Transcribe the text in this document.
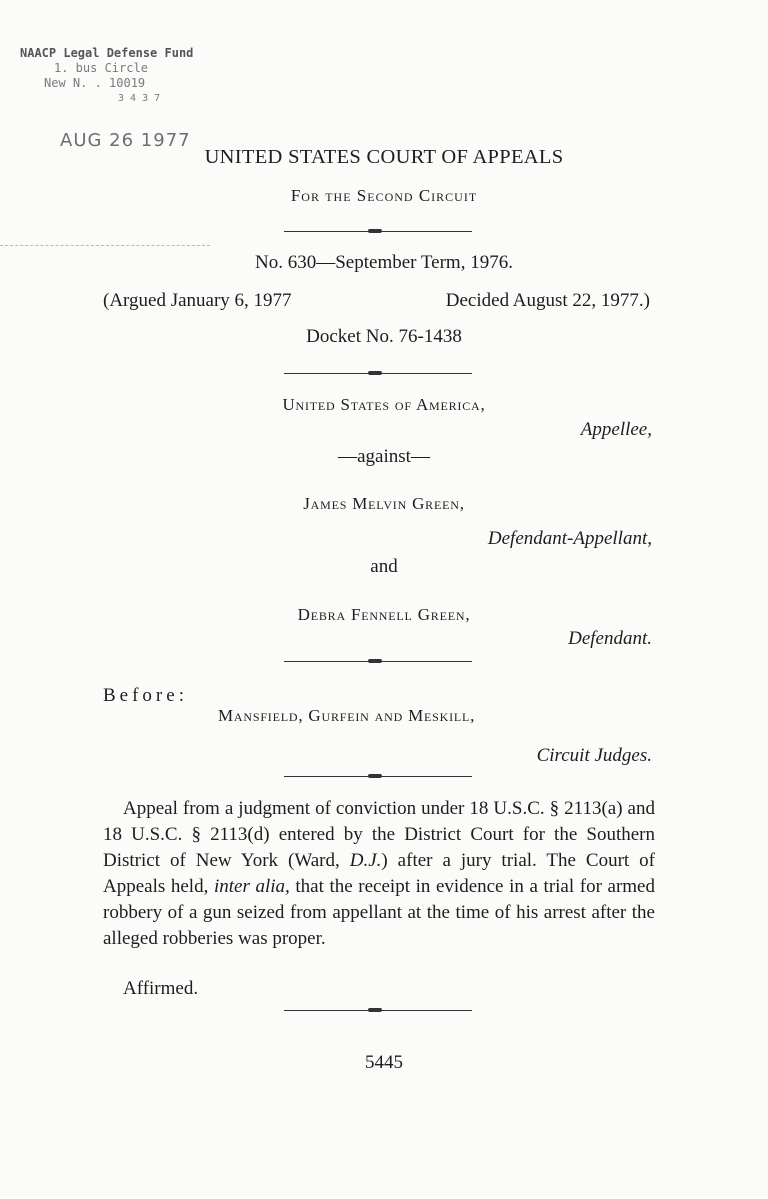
NAACP Legal Defense Fund
1. bus Circle
New N. . 10019
3 4 3 7
AUG 26 1977
UNITED STATES COURT OF APPEALS
For the Second Circuit
No. 630—September Term, 1976.
(Argued January 6, 1977	Decided August 22, 1977.)
Docket No. 76-1438
United States of America,
Appellee,
—against—
James Melvin Green,
Defendant-Appellant,
and
Debra Fennell Green,
Defendant.
Before:
Mansfield, Gurfein and Meskill,
Circuit Judges.
Appeal from a judgment of conviction under 18 U.S.C. § 2113(a) and 18 U.S.C. § 2113(d) entered by the District Court for the Southern District of New York (Ward, D.J.) after a jury trial. The Court of Appeals held, inter alia, that the receipt in evidence in a trial for armed robbery of a gun seized from appellant at the time of his arrest after the alleged robberies was proper.
Affirmed.
5445
